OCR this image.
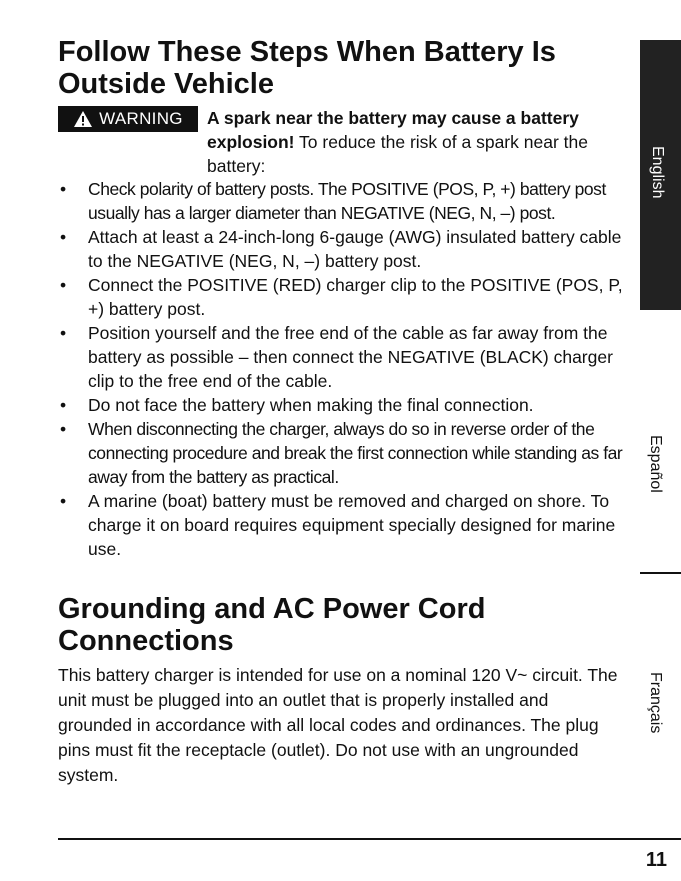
Follow These Steps When Battery Is Outside Vehicle
WARNING A spark near the battery may cause a battery explosion! To reduce the risk of a spark near the battery:

• Check polarity of battery posts. The POSITIVE (POS, P, +) battery post usually has a larger diameter than NEGATIVE (NEG, N, –) post.
• Attach at least a 24-inch-long 6-gauge (AWG) insulated battery cable to the NEGATIVE (NEG, N, –) battery post.
• Connect the POSITIVE (RED) charger clip to the POSITIVE (POS, P, +) battery post.
• Position yourself and the free end of the cable as far away from the battery as possible – then connect the NEGATIVE (BLACK) charger clip to the free end of the cable.
• Do not face the battery when making the final connection.
• When disconnecting the charger, always do so in reverse order of the connecting procedure and break the first connection while standing as far away from the battery as practical.
• A marine (boat) battery must be removed and charged on shore. To charge it on board requires equipment specially designed for marine use.
Grounding and AC Power Cord Connections

This battery charger is intended for use on a nominal 120 V~ circuit. The unit must be plugged into an outlet that is properly installed and grounded in accordance with all local codes and ordinances. The plug pins must fit the receptacle (outlet). Do not use with an ungrounded system.

English
Español
Français
11
